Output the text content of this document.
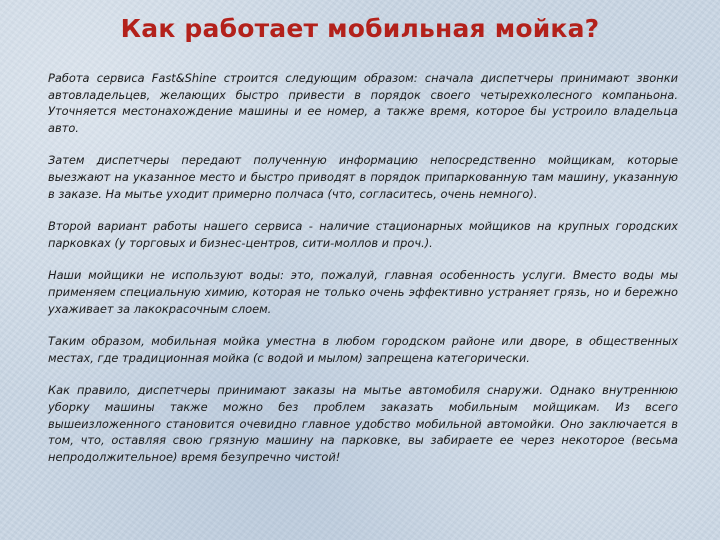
Как работает мобильная мойка?

Работа сервиса Fast&Shine строится следующим образом: сначала диспетчеры принимают звонки автовладельцев, желающих быстро привести в порядок своего четырехколесного компаньона. Уточняется местонахождение машины и ее номер, а также время, которое бы устроило владельца авто.

Затем диспетчеры передают полученную информацию непосредственно мойщикам, которые выезжают на указанное место и быстро приводят в порядок припаркованную там машину, указанную в заказе. На мытье уходит примерно полчаса (что, согласитесь, очень немного).

Второй вариант работы нашего сервиса - наличие стационарных мойщиков на крупных городских парковках (у торговых и бизнес-центров, сити-моллов и проч.).

Наши мойщики не используют воды: это, пожалуй, главная особенность услуги. Вместо воды мы применяем специальную химию, которая не только очень эффективно устраняет грязь, но и бережно ухаживает за лакокрасочным слоем.

Таким образом, мобильная мойка уместна в любом городском районе или дворе, в общественных местах, где традиционная мойка (с водой и мылом) запрещена категорически.

Как правило, диспетчеры принимают заказы на мытье автомобиля снаружи. Однако внутреннюю уборку машины также можно без проблем заказать мобильным мойщикам. Из всего вышеизложенного становится очевидно главное удобство мобильной автомойки. Оно заключается в том, что, оставляя свою грязную машину на парковке, вы забираете ее через некоторое (весьма непродолжительное) время безупречно чистой!
